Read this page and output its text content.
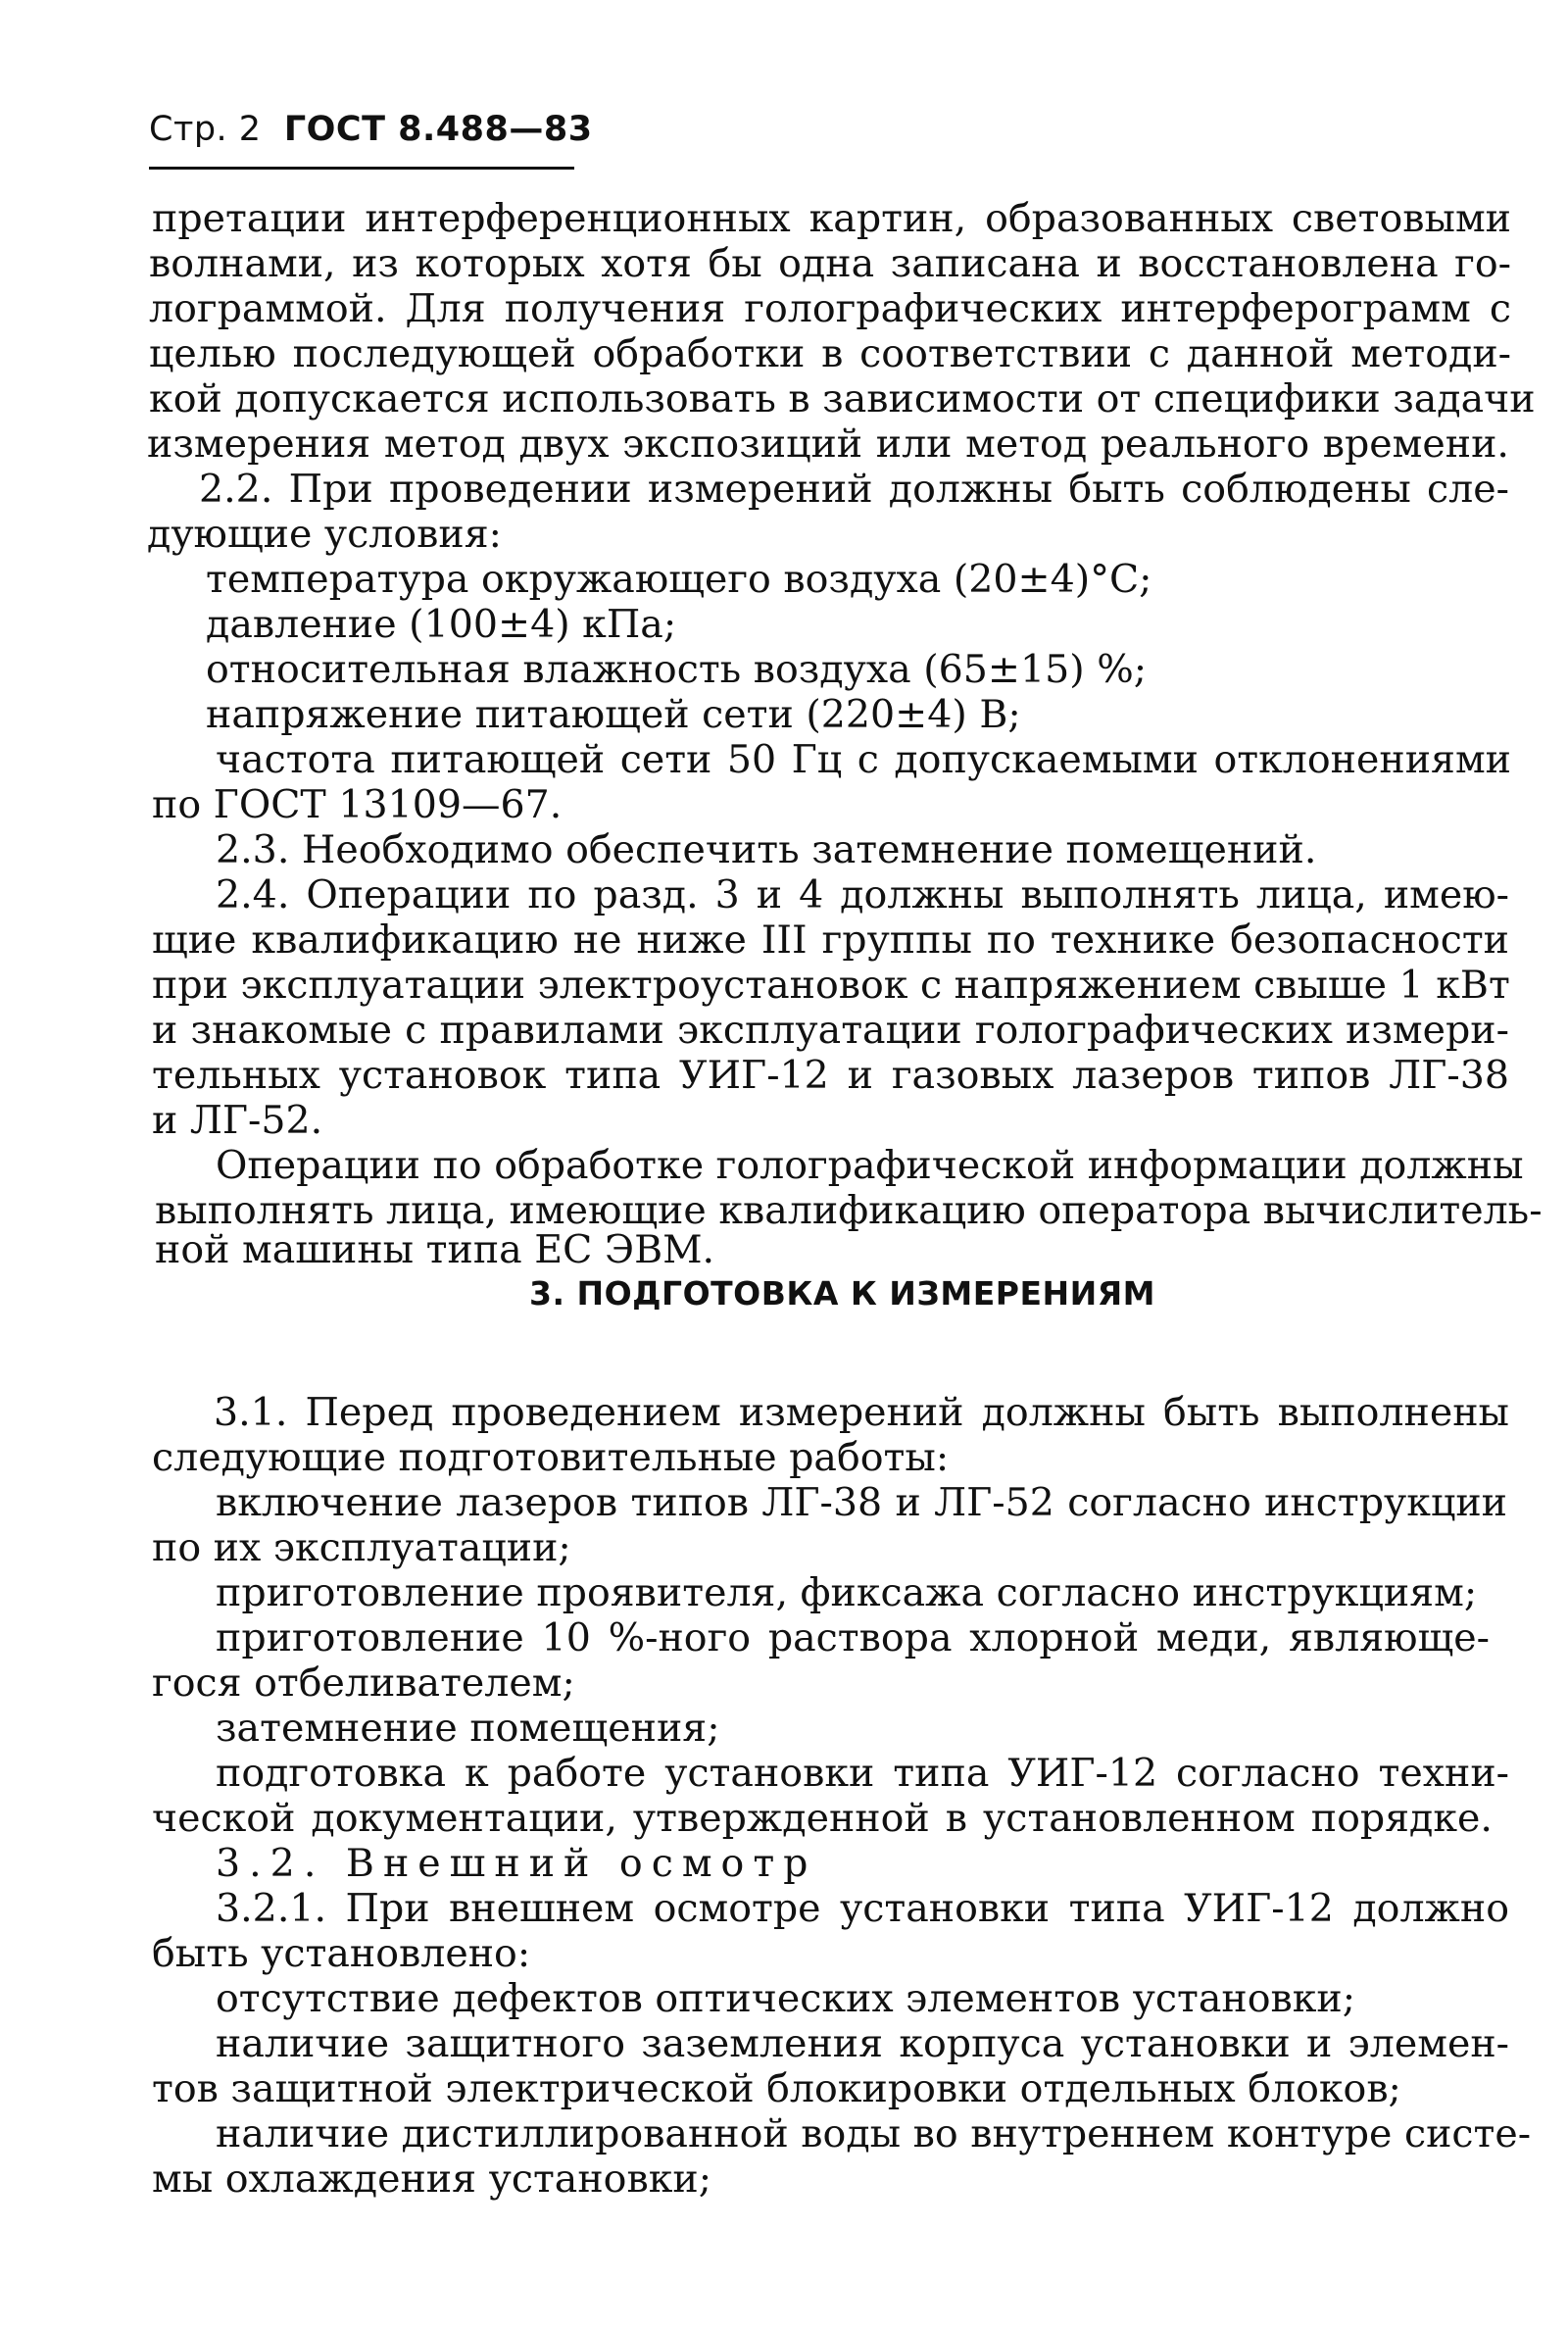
Стр. 2 ГОСТ 8.488—83
претации интерференционных картин, образованных световыми
волнами, из которых хотя бы одна записана и восстановлена го-
лограммой. Для получения голографических интерферограмм с
целью последующей обработки в соответствии с данной методи-
кой допускается использовать в зависимости от специфики задачи
измерения метод двух экспозиций или метод реального времени.
2.2. При проведении измерений должны быть соблюдены сле-
дующие условия:
температура окружающего воздуха (20±4)°С;
давление (100±4) кПа;
относительная влажность воздуха (65±15) %;
напряжение питающей сети (220±4) В;
частота питающей сети 50 Гц с допускаемыми отклонениями
по ГОСТ 13109—67.
2.3. Необходимо обеспечить затемнение помещений.
2.4. Операции по разд. 3 и 4 должны выполнять лица, имею-
щие квалификацию не ниже III группы по технике безопасности
при эксплуатации электроустановок с напряжением свыше 1 кВт
и знакомые с правилами эксплуатации голографических измери-
тельных установок типа УИГ-12 и газовых лазеров типов ЛГ-38
и ЛГ-52.
Операции по обработке голографической информации должны
выполнять лица, имеющие квалификацию оператора вычислитель-
ной машины типа ЕС ЭВМ.
3. ПОДГОТОВКА К ИЗМЕРЕНИЯМ
3.1. Перед проведением измерений должны быть выполнены
следующие подготовительные работы:
включение лазеров типов ЛГ-38 и ЛГ-52 согласно инструкции
по их эксплуатации;
приготовление проявителя, фиксажа согласно инструкциям;
приготовление 10 %-ного раствора хлорной меди, являюще-
гося отбеливателем;
затемнение помещения;
подготовка к работе установки типа УИГ-12 согласно техни-
ческой документации, утвержденной в установленном порядке.
3.2. Внешний осмотр
3.2.1. При внешнем осмотре установки типа УИГ-12 должно
быть установлено:
отсутствие дефектов оптических элементов установки;
наличие защитного заземления корпуса установки и элемен-
тов защитной электрической блокировки отдельных блоков;
наличие дистиллированной воды во внутреннем контуре систе-
мы охлаждения установки;
